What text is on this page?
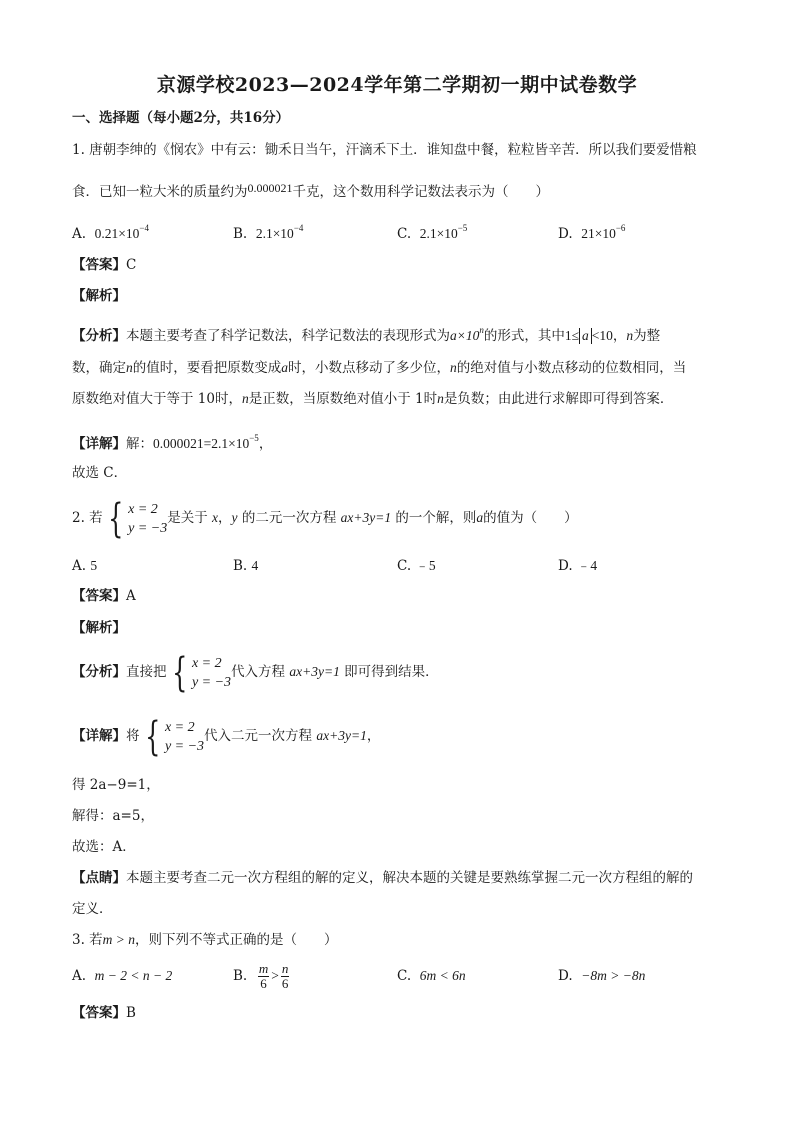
京源学校2023—2024学年第二学期初一期中试卷数学
一、选择题（每小题2分，共16分）
1. 唐朝李绅的《悯农》中有云：锄禾日当午，汗滴禾下土．谁知盘中餐，粒粒皆辛苦．所以我们要爱惜粮
食．已知一粒大米的质量约为0.000021千克，这个数用科学记数法表示为（　　）
A. $0.21\times 10^{-4}$	B. $2.1\times 10^{-4}$	C. $2.1\times 10^{-5}$	D. $21\times 10^{-6}$
【答案】C
【解析】
【分析】本题主要考查了科学记数法，科学记数法的表现形式为$a\times 10^n$的形式，其中1≤ a <10，n为整
数，确定n的值时，要看把原数变成a时，小数点移动了多少位，n的绝对值与小数点移动的位数相同，当
原数绝对值大于等于 10时，n是正数，当原数绝对值小于 1时n是负数；由此进行求解即可得到答案．
【详解】解：$0.000021=2.1\times 10^{-5}$，
故选 C．
2. 若 { x = 2
y = −3
是关于 x，y 的二元一次方程 ax+3y=1 的一个解，则a的值为（　　）
A. 5	B. 4	C. ﹣5	D. ﹣4
【答案】A
【解析】
【分析】直接把 { x = 2
y = −3
代入方程 ax+3y=1 即可得到结果．
【详解】将 { x = 2
y = −3
代入二元一次方程 ax+3y=1，
得 2a−9=1，
解得：a=5，
故选：A．
【点睛】本题主要考查二元一次方程组的解的定义，解决本题的关键是要熟练掌握二元一次方程组的解的
定义．
3. 若m > n，则下列不等式正确的是（　　）
A. m − 2 < n − 2	B. $\frac{m}{6} > \frac{n}{6}$	C. 6m < 6n	D. −8m > −8n
【答案】B
